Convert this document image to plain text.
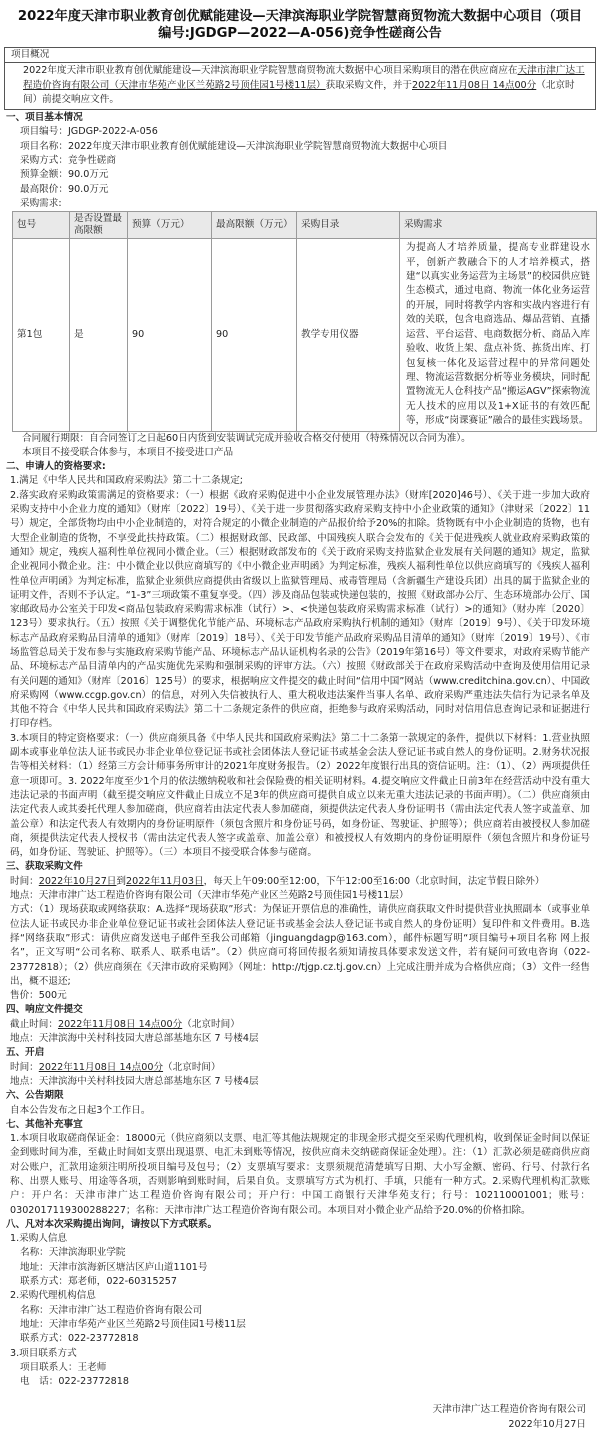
2022年度天津市职业教育创优赋能建设—天津滨海职业学院智慧商贸物流大数据中心项目（项目编号:JGDGP—2022—A-056)竞争性磋商公告
项目概况
2022年度天津市职业教育创优赋能建设—天津滨海职业学院智慧商贸物流大数据中心项目采购项目的潜在供应商应在天津市津广达工程造价咨询有限公司（天津市华苑产业区兰苑路2号顶佳园1号楼11层）获取采购文件，并于2022年11月08日 14点00分（北京时间）前提交响应文件。
一、项目基本情况
项目编号：JGDGP-2022-A-056
项目名称：2022年度天津市职业教育创优赋能建设—天津滨海职业学院智慧商贸物流大数据中心项目
采购方式：竞争性磋商
预算金额：90.0万元
最高限价：90.0万元
采购需求:
包号	是否设置最高限额	预算（万元）	最高限额（万元）	采购目录	采购需求
第1包	是	90	90	教学专用仪器	为提高人才培养质量，提高专业群建设水平，创新产教融合下的人才培养模式，搭建“以真实业务运营为主场景”的校园供应链生态模式，通过电商、物流一体化业务运营的开展，同时将教学内容和实战内容进行有效的关联，包含电商选品、爆品营销、直播运营、平台运营、电商数据分析、商品入库验收、收货上架、盘点补货、拣货出库、打包复核一体化及运营过程中的异常问题处理、物流运营数据分析等业务模块，同时配置物流无人仓科技产品“搬运AGV”探索物流无人技术的应用以及1+X证书的有效匹配等，形成“岗课赛证”融合的最佳实践场景。
合同履行期限：自合同签订之日起60日内货到安装调试完成并验收合格交付使用（特殊情况以合同为准）。
本项目不接受联合体参与，本项目不接受进口产品
二、申请人的资格要求:
1.满足《中华人民共和国政府采购法》第二十二条规定;
2.落实政府采购政策需满足的资格要求：（一）根据《政府采购促进中小企业发展管理办法》（财库[2020]46号）、《关于进一步加大政府采购支持中小企业力度的通知》（财库〔2022〕19号）、《关于进一步贯彻落实政府采购支持中小企业政策的通知》（津财采〔2022〕11号）规定，全部货物均由中小企业制造的，对符合规定的小微企业制造的产品报价给予20%的扣除。货物既有中小企业制造的货物，也有大型企业制造的货物，不享受此扶持政策。（二）根据财政部、民政部、中国残疾人联合会发布的《关于促进残疾人就业政府采购政策的通知》规定，残疾人福利性单位视同小微企业。（三）根据财政部发布的《关于政府采购支持监狱企业发展有关问题的通知》规定，监狱企业视同小微企业。注：中小微企业以供应商填写的《中小微企业声明函》为判定标准，残疾人福利性单位以供应商填写的《残疾人福利性单位声明函》为判定标准，监狱企业须供应商提供由省级以上监狱管理局、戒毒管理局（含新疆生产建设兵团）出具的属于监狱企业的证明文件，否则不予认定。“1-3”三项政策不重复享受。（四）涉及商品包装或快递包装的，按照《财政部办公厅、生态环境部办公厅、国家邮政局办公室关于印发<商品包装政府采购需求标准（试行）>、<快递包装政府采购需求标准（试行）>的通知》（财办库〔2020〕123号）要求执行。（五）按照《关于调整优化节能产品、环境标志产品政府采购执行机制的通知》（财库〔2019〕9号）、《关于印发环境标志产品政府采购品目清单的通知》（财库〔2019〕18号）、《关于印发节能产品政府采购品目清单的通知》（财库〔2019〕19号）、《市场监管总局关于发布参与实施政府采购节能产品、环境标志产品认证机构名录的公告》（2019年第16号）等文件要求，对政府采购节能产品、环境标志产品目清单内的产品实施优先采购和强制采购的评审方法。（六）按照《财政部关于在政府采购活动中查询及使用信用记录有关问题的通知》（财库〔2016〕125号）的要求，根据响应文件提交的截止时间“信用中国”网站（www.creditchina.gov.cn）、中国政府采购网（www.ccgp.gov.cn）的信息，对列入失信被执行人、重大税收违法案件当事人名单、政府采购严重违法失信行为记录名单及其他不符合《中华人民共和国政府采购法》第二十二条规定条件的供应商，拒绝参与政府采购活动，同时对信用信息查询记录和证据进行打印存档。
3.本项目的特定资格要求：（一）供应商须具备《中华人民共和国政府采购法》第二十二条第一款规定的条件，提供以下材料：1.营业执照副本或事业单位法人证书或民办非企业单位登记证书或社会团体法人登记证书或基金会法人登记证书或自然人的身份证明。2.财务状况报告等相关材料：（1）经第三方会计师事务所审计的2021年度财务报告。（2）2022年度银行出具的资信证明。注：（1）、（2）两项提供任意一项即可。3. 2022年度至少1个月的依法缴纳税收和社会保险费的相关证明材料。4.提交响应文件截止日前3年在经营活动中没有重大违法记录的书面声明（截至提交响应文件截止日成立不足3年的供应商可提供自成立以来无重大违法记录的书面声明）。（二）供应商须由法定代表人或其委托代理人参加磋商，供应商若由法定代表人参加磋商，须提供法定代表人身份证明书（需由法定代表人签字或盖章、加盖公章）和法定代表人有效期内的身份证明原件（须包含照片和身份证号码，如身份证、驾驶证、护照等）；供应商若由被授权人参加磋商，须提供法定代表人授权书（需由法定代表人签字或盖章、加盖公章）和被授权人有效期内的身份证明原件（须包含照片和身份证号码，如身份证、驾驶证、护照等）。（三）本项目不接受联合体参与磋商。
三、获取采购文件
时间：2022年10月27日到2022年11月03日，每天上午09:00至12:00，下午12:00至16:00（北京时间，法定节假日除外）
地点：天津市津广达工程造价咨询有限公司（天津市华苑产业区兰苑路2号顶佳园1号楼11层）
方式：（1）现场获取或网络获取：A.选择“现场获取”形式：为保证开票信息的准确性，请供应商获取文件时提供营业执照副本（或事业单位法人证书或民办非企业单位登记证书或社会团体法人登记证书或基金会法人登记证书或自然人的身份证明）复印件和文件费用。B.选择“网络获取”形式：请供应商发送电子邮件至我公司邮箱（jinguangdagp@163.com），邮件标题写明“项目编号+项目名称 网上报名”，正文写明“公司名称、联系人、联系电话”。（2）供应商可将回传报名须知请按具体要求发送文件，若有疑问可致电咨询（022-23772818）；（2）供应商须在《天津市政府采购网》（网址：http://tjgp.cz.tj.gov.cn）上完成注册并成为合格供应商；（3）文件一经售出，概不退还;
售价：500元
四、响应文件提交
截止时间：2022年11月08日 14点00分（北京时间）
地点：天津滨海中关村科技园大唐总部基地东区 7 号楼4层
五、开启
时间：2022年11月08日 14点00分（北京时间）
地点：天津滨海中关村科技园大唐总部基地东区 7 号楼4层
六、公告期限
自本公告发布之日起3个工作日。
七、其他补充事宜
1.本项目收取磋商保证金：18000元（供应商须以支票、电汇等其他法规规定的非现金形式提交至采购代理机构，收到保证金时间以保证金到账时间为准，至截止时间如支票出现退票、电汇未到账等情况，按供应商未交纳磋商保证金处理）。注：（1）汇款必须是磋商供应商对公账户，汇款用途须注明所投项目编号及包号；（2）支票填写要求：支票须规范清楚填写日期、大小写金额、密码、行号、付款行名称、出票人账号、用途等各项，否则影响到账时间，后果自负。支票填写方式为机打、手填，只能有一种方式。2.采购代理机构汇款账户：开户名：天津市津广达工程造价咨询有限公司；开户行：中国工商银行天津华苑支行；行号：102110001001；账号：0302017119300288227；名称：天津市津广达工程造价咨询有限公司。本项目对小微企业产品给予20.0%的价格扣除。
八、凡对本次采购提出询问，请按以下方式联系。
1.采购人信息
名称：天津滨海职业学院
地址：天津市滨海新区塘沽区庐山道1101号
联系方式：郑老师，022-60315257
2.采购代理机构信息
名称：天津市津广达工程造价咨询有限公司
地址：天津市华苑产业区兰苑路2号顶佳园1号楼11层
联系方式：022-23772818
3.项目联系方式
项目联系人：王老师
电　话：022-23772818
天津市津广达工程造价咨询有限公司
2022年10月27日
